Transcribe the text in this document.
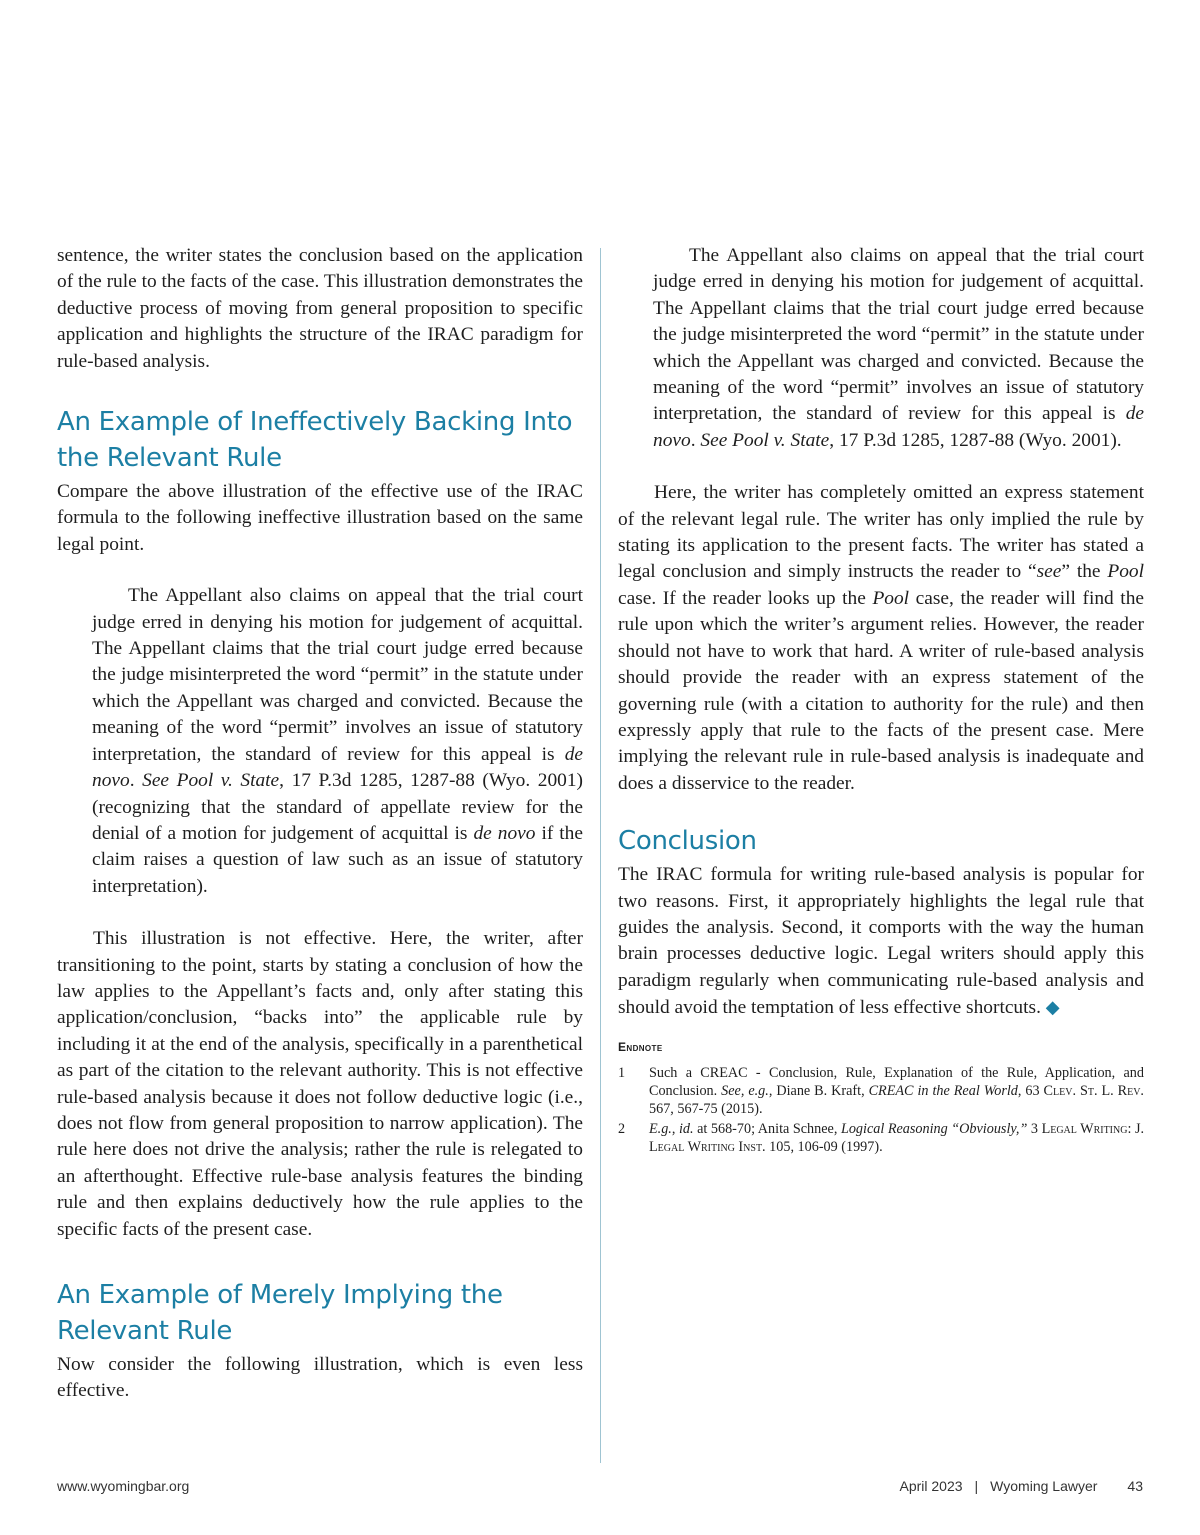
sentence, the writer states the conclusion based on the application of the rule to the facts of the case. This illustration demonstrates the deductive process of moving from general proposition to specific application and highlights the structure of the IRAC paradigm for rule-based analysis.

An Example of Ineffectively Backing Into the Relevant Rule

Compare the above illustration of the effective use of the IRAC formula to the following ineffective illustration based on the same legal point.

The Appellant also claims on appeal that the trial court judge erred in denying his motion for judgement of acquittal. The Appellant claims that the trial court judge erred because the judge misinterpreted the word “permit” in the statute under which the Appellant was charged and convicted. Because the meaning of the word “permit” involves an issue of statutory interpretation, the standard of review for this appeal is de novo. See Pool v. State, 17 P.3d 1285, 1287-88 (Wyo. 2001) (recognizing that the standard of appellate review for the denial of a motion for judgement of acquittal is de novo if the claim raises a question of law such as an issue of statutory interpretation).

This illustration is not effective. Here, the writer, after transitioning to the point, starts by stating a conclusion of how the law applies to the Appellant’s facts and, only after stating this application/conclusion, “backs into” the applicable rule by including it at the end of the analysis, specifically in a parenthetical as part of the citation to the relevant authority. This is not effective rule-based analysis because it does not follow deductive logic (i.e., does not flow from general proposition to narrow application). The rule here does not drive the analysis; rather the rule is relegated to an afterthought. Effective rule-base analysis features the binding rule and then explains deductively how the rule applies to the specific facts of the present case.

An Example of Merely Implying the Relevant Rule

Now consider the following illustration, which is even less effective.

The Appellant also claims on appeal that the trial court judge erred in denying his motion for judgement of acquittal. The Appellant claims that the trial court judge erred because the judge misinterpreted the word “permit” in the statute under which the Appellant was charged and convicted. Because the meaning of the word “permit” involves an issue of statutory interpretation, the standard of review for this appeal is de novo. See Pool v. State, 17 P.3d 1285, 1287-88 (Wyo. 2001).

Here, the writer has completely omitted an express statement of the relevant legal rule. The writer has only implied the rule by stating its application to the present facts. The writer has stated a legal conclusion and simply instructs the reader to “see” the Pool case. If the reader looks up the Pool case, the reader will find the rule upon which the writer’s argument relies. However, the reader should not have to work that hard. A writer of rule-based analysis should provide the reader with an express statement of the governing rule (with a citation to authority for the rule) and then expressly apply that rule to the facts of the present case. Mere implying the relevant rule in rule-based analysis is inadequate and does a disservice to the reader.

Conclusion

The IRAC formula for writing rule-based analysis is popular for two reasons. First, it appropriately highlights the legal rule that guides the analysis. Second, it comports with the way the human brain processes deductive logic. Legal writers should apply this paradigm regularly when communicating rule-based analysis and should avoid the temptation of less effective shortcuts. ◆

Endnote
1	Such a CREAC - Conclusion, Rule, Explanation of the Rule, Application, and Conclusion. See, e.g., Diane B. Kraft, CREAC in the Real World, 63 Clev. St. L. Rev. 567, 567-75 (2015).
2	E.g., id. at 568-70; Anita Schnee, Logical Reasoning “Obviously,” 3 Legal Writing: J. Legal Writing Inst. 105, 106-09 (1997).
www.wyomingbar.org	April 2023 | Wyoming Lawyer 43
